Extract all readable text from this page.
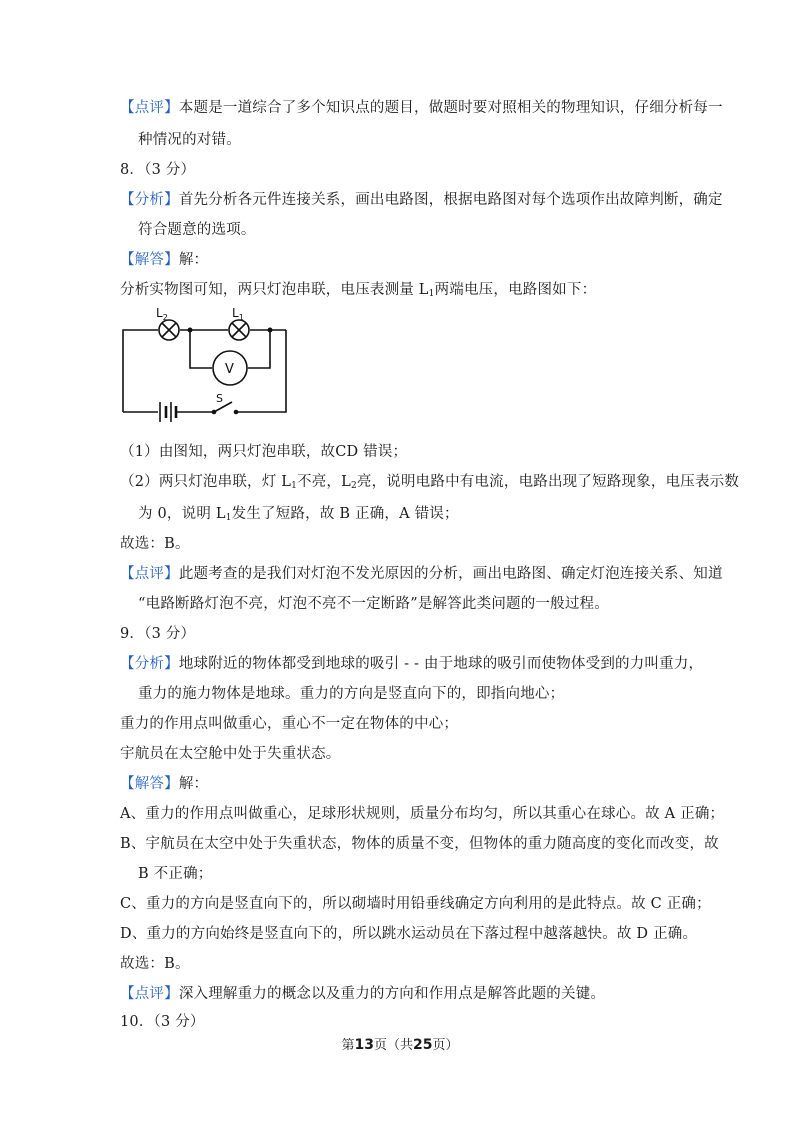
【点评】本题是一道综合了多个知识点的题目，做题时要对照相关的物理知识，仔细分析每一
种情况的对错。
8．（3 分）
【分析】首先分析各元件连接关系，画出电路图，根据电路图对每个选项作出故障判断，确定
符合题意的选项。
【解答】解：
分析实物图可知，两只灯泡串联，电压表测量 $L_1$两端电压，电路图如下：
$L_2$	$L_1$
V
S
（1）由图知，两只灯泡串联，故CD 错误；
（2）两只灯泡串联，灯 $L_1$不亮，$L_2$亮，说明电路中有电流，电路出现了短路现象，电压表示数
为 0，说明 $L_1$发生了短路，故 B 正确，A 错误；
故选：B。
【点评】此题考查的是我们对灯泡不发光原因的分析，画出电路图、确定灯泡连接关系、知道
“电路断路灯泡不亮，灯泡不亮不一定断路”是解答此类问题的一般过程。
9．（3 分）
【分析】地球附近的物体都受到地球的吸引 - - 由于地球的吸引而使物体受到的力叫重力，
重力的施力物体是地球。重力的方向是竖直向下的，即指向地心；
重力的作用点叫做重心，重心不一定在物体的中心；
宇航员在太空舱中处于失重状态。
【解答】解：
A、重力的作用点叫做重心，足球形状规则，质量分布均匀，所以其重心在球心。故 A 正确；
B、宇航员在太空中处于失重状态，物体的质量不变，但物体的重力随高度的变化而改变，故
B 不正确；
C、重力的方向是竖直向下的，所以砌墙时用铅垂线确定方向利用的是此特点。故 C 正确；
D、重力的方向始终是竖直向下的，所以跳水运动员在下落过程中越落越快。故 D 正确。
故选：B。
【点评】深入理解重力的概念以及重力的方向和作用点是解答此题的关键。
10．（3 分）
第13页（共25页）
